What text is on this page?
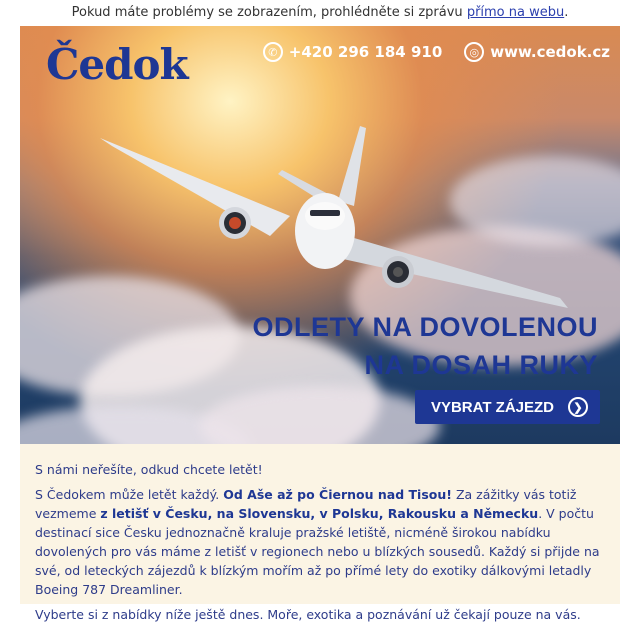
Pokud máte problémy se zobrazením, prohlédněte si zprávu přímo na webu.
Čedok	✆ +420 296 184 910	◎ www.cedok.cz
ODLETY NA DOVOLENOU
NA DOSAH RUKY
VYBRAT ZÁJEZD	❯

S námi neřešíte, odkud chcete letět!

S Čedokem může letět každý. Od Aše až po Čiernou nad Tisou! Za zážitky vás totiž vezmeme z letišť v Česku, na Slovensku, v Polsku, Rakousku a Německu. V počtu destinací sice Česku jednoznačně kraluje pražské letiště, nicméně širokou nabídku dovolených pro vás máme z letišť v regionech nebo u blízkých sousedů. Každý si přijde na své, od leteckých zájezdů k blízkým mořím až po přímé lety do exotiky dálkovými letadly Boeing 787 Dreamliner.

Vyberte si z nabídky níže ještě dnes. Moře, exotika a poznávání už čekají pouze na vás.
